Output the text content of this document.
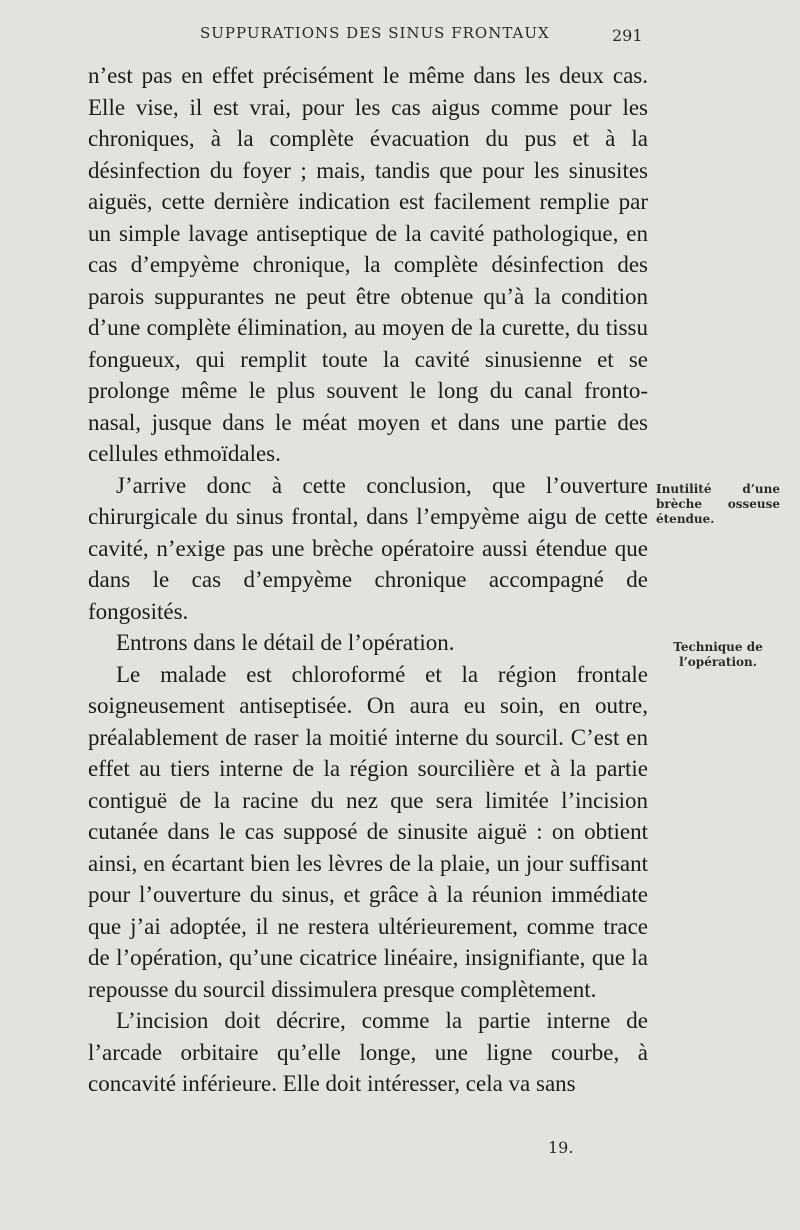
SUPPURATIONS DES SINUS FRONTAUX	291

n’est pas en effet précisément le même dans les deux cas. Elle vise, il est vrai, pour les cas aigus comme pour les chroniques, à la complète évacuation du pus et à la désinfection du foyer ; mais, tandis que pour les sinusites aiguës, cette dernière indication est facilement remplie par un simple lavage antiseptique de la cavité pathologique, en cas d’empyème chronique, la complète désinfection des parois suppurantes ne peut être obtenue qu’à la condition d’une complète élimination, au moyen de la curette, du tissu fongueux, qui remplit toute la cavité sinusienne et se prolonge même le plus souvent le long du canal fronto-nasal, jusque dans le méat moyen et dans une partie des cellules ethmoïdales.

J’arrive donc à cette conclusion, que l’ouverture chirurgicale du sinus frontal, dans l’empyème aigu de cette cavité, n’exige pas une brèche opératoire aussi étendue que dans le cas d’empyème chronique accompagné de fongosités.

Entrons dans le détail de l’opération.

Le malade est chloroformé et la région frontale soigneusement antiseptisée. On aura eu soin, en outre, préalablement de raser la moitié interne du sourcil. C’est en effet au tiers interne de la région sourcilière et à la partie contiguë de la racine du nez que sera limitée l’incision cutanée dans le cas supposé de sinusite aiguë : on obtient ainsi, en écartant bien les lèvres de la plaie, un jour suffisant pour l’ouverture du sinus, et grâce à la réunion immédiate que j’ai adoptée, il ne restera ultérieurement, comme trace de l’opération, qu’une cicatrice linéaire, insignifiante, que la repousse du sourcil dissimulera presque complètement.

L’incision doit décrire, comme la partie interne de l’arcade orbitaire qu’elle longe, une ligne courbe, à concavité inférieure. Elle doit intéresser, cela va sans

Inutilité d’une brèche osseuse étendue.
Technique de l’opération.
19.
